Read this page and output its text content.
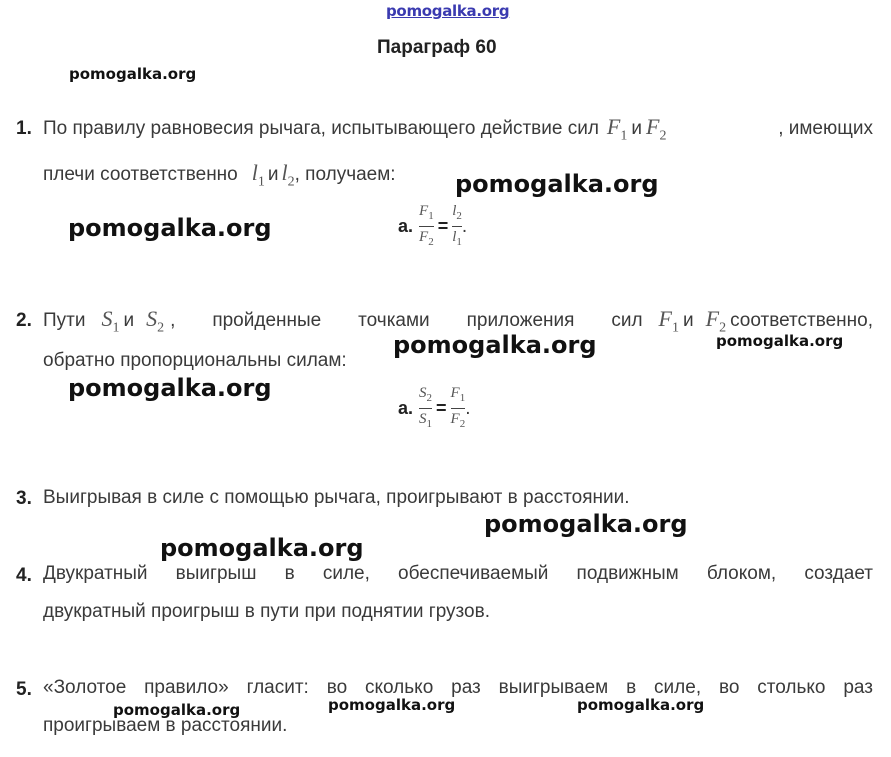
pomogalka.org
Параграф 60
pomogalka.org
pomogalka.org
pomogalka.org
pomogalka.org	pomogalka.org
pomogalka.org
pomogalka.org
pomogalka.org
pomogalka.org	pomogalka.org	pomogalka.org
1. По правилу равновесия рычага, испытывающего действие сил $F_1$ и $F_2$	, имеющих
плечи соответственно $l_1$ и $l_2$ , получаем:
а. $\frac{F_1}{F_2} = \frac{l_2}{l_1}$ .
2. Пути $S_1$ и $S_2$ , пройденные точками приложения сил $F_1$ и $F_2$ соответственно,
обратно пропорциональны силам:
а. $\frac{S_2}{S_1} = \frac{F_1}{F_2}$ .
3. Выигрывая в силе с помощью рычага, проигрывают в расстоянии.
4. Двукратный выигрыш в силе, обеспечиваемый подвижным блоком, создает
двукратный проигрыш в пути при поднятии грузов.
5. «Золотое правило» гласит: во сколько раз выигрываем в силе, во столько раз
проигрываем в расстоянии.
